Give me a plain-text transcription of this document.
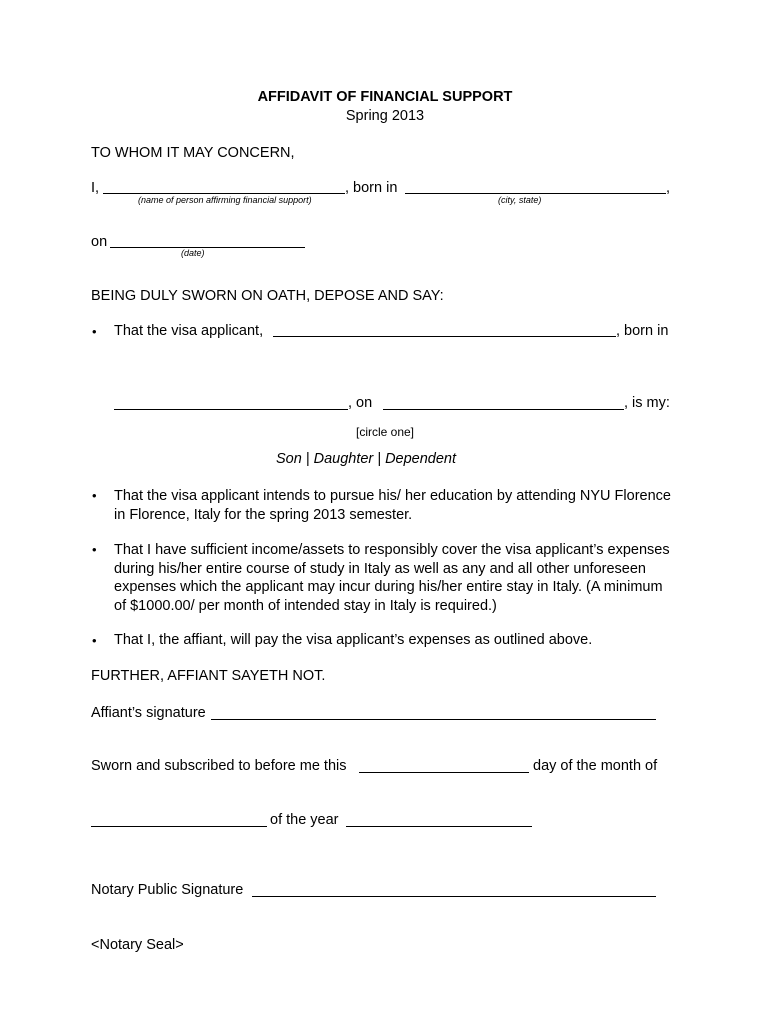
AFFIDAVIT OF FINANCIAL SUPPORT
Spring 2013
TO WHOM IT MAY CONCERN,
I,	, born in	,
(name of person affirming financial support)	(city, state)
on
(date)
BEING DULY SWORN ON OATH, DEPOSE AND SAY:
• That the visa applicant,	, born in
, on	, is my:
[circle one]
Son | Daughter | Dependent
• That the visa applicant intends to pursue his/ her education by attending NYU Florence in Florence, Italy for the spring 2013 semester.
• That I have sufficient income/assets to responsibly cover the visa applicant’s expenses during his/her entire course of study in Italy as well as any and all other unforeseen expenses which the applicant may incur during his/her entire stay in Italy. (A minimum of $1000.00/ per month of intended stay in Italy is required.)
• That I, the affiant, will pay the visa applicant’s expenses as outlined above.
FURTHER, AFFIANT SAYETH NOT.
Affiant’s signature
Sworn and subscribed to before me this	day of the month of
of the year
Notary Public Signature
<Notary Seal>
